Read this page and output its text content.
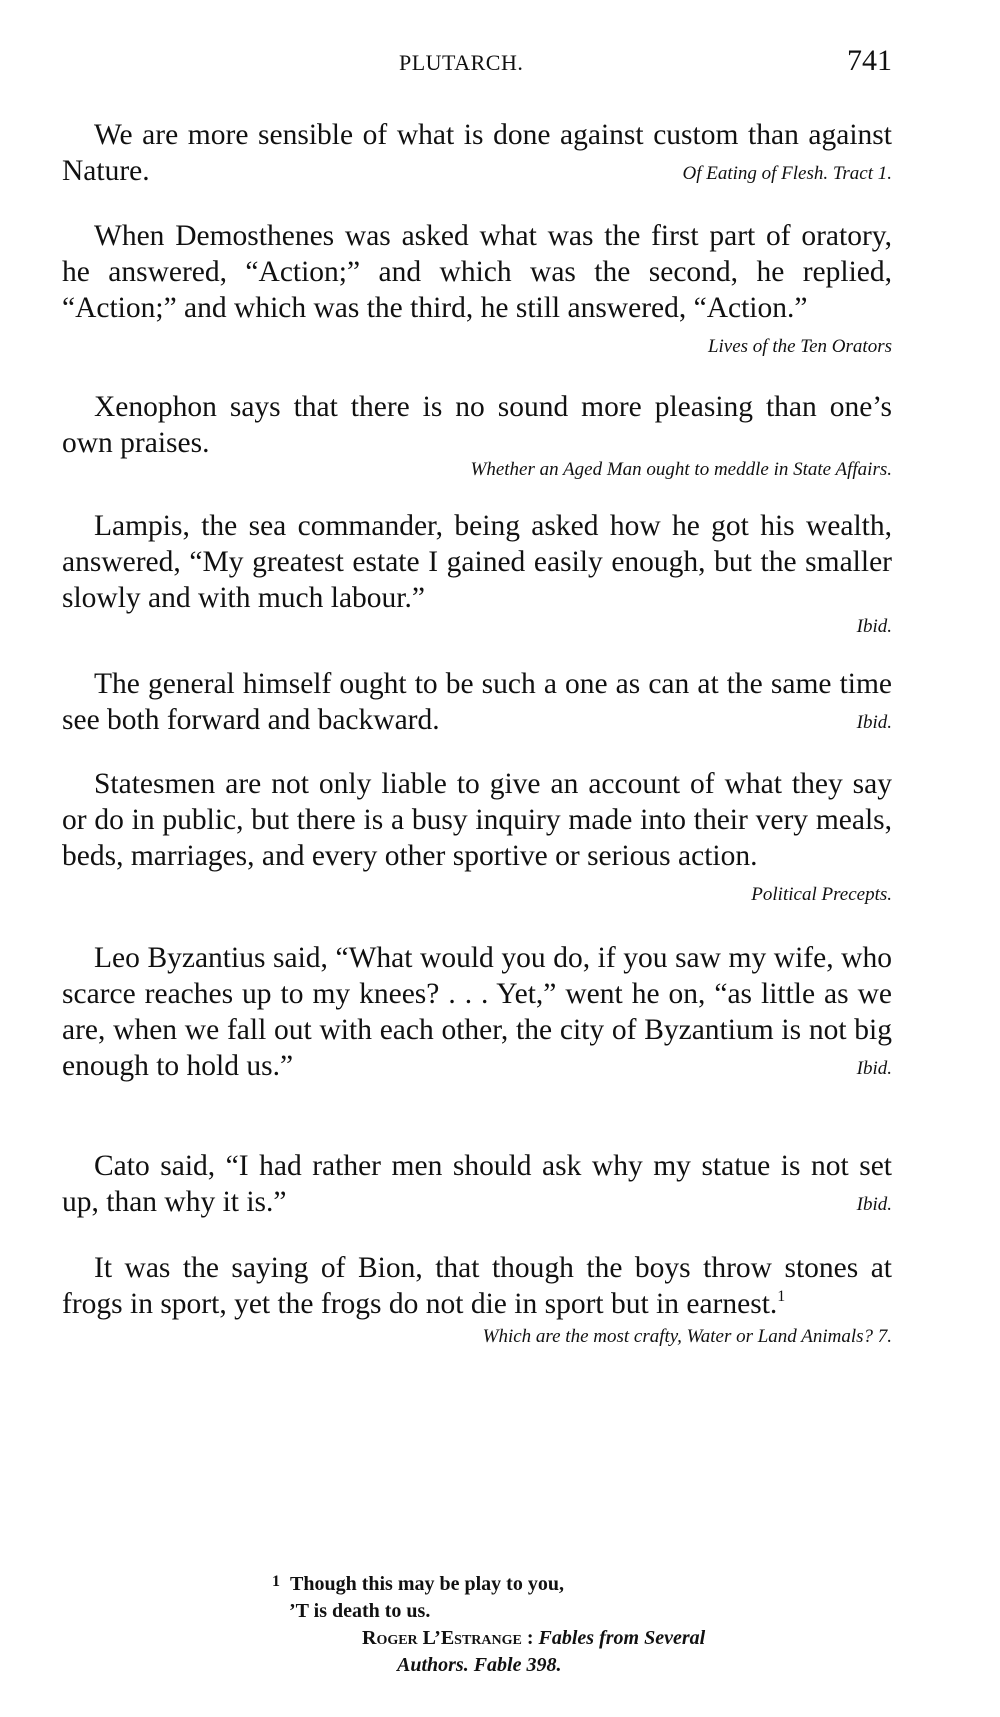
PLUTARCH.	741
We are more sensible of what is done against custom than against Nature.	Of Eating of Flesh. Tract 1.
When Demosthenes was asked what was the first part of oratory, he answered, “Action;” and which was the second, he replied, “Action;” and which was the third, he still answered, “Action.”
Lives of the Ten Orators
Xenophon says that there is no sound more pleasing than one’s own praises.
Whether an Aged Man ought to meddle in State Affairs.
Lampis, the sea commander, being asked how he got his wealth, answered, “My greatest estate I gained easily enough, but the smaller slowly and with much labour.”
Ibid.
The general himself ought to be such a one as can at the same time see both forward and backward.	Ibid.
Statesmen are not only liable to give an account of what they say or do in public, but there is a busy inquiry made into their very meals, beds, marriages, and every other sportive or serious action.
Political Precepts.
Leo Byzantius said, “What would you do, if you saw my wife, who scarce reaches up to my knees? . . . Yet,” went he on, “as little as we are, when we fall out with each other, the city of Byzantium is not big enough to hold us.”	Ibid.
Cato said, “I had rather men should ask why my statue is not set up, than why it is.”	Ibid.
It was the saying of Bion, that though the boys throw stones at frogs in sport, yet the frogs do not die in sport but in earnest.$^1$
Which are the most crafty, Water or Land Animals? 7.
$^1$ Though this may be play to you,
’T is death to us.
Roger L’Estrange : Fables from Several
Authors. Fable 398.
